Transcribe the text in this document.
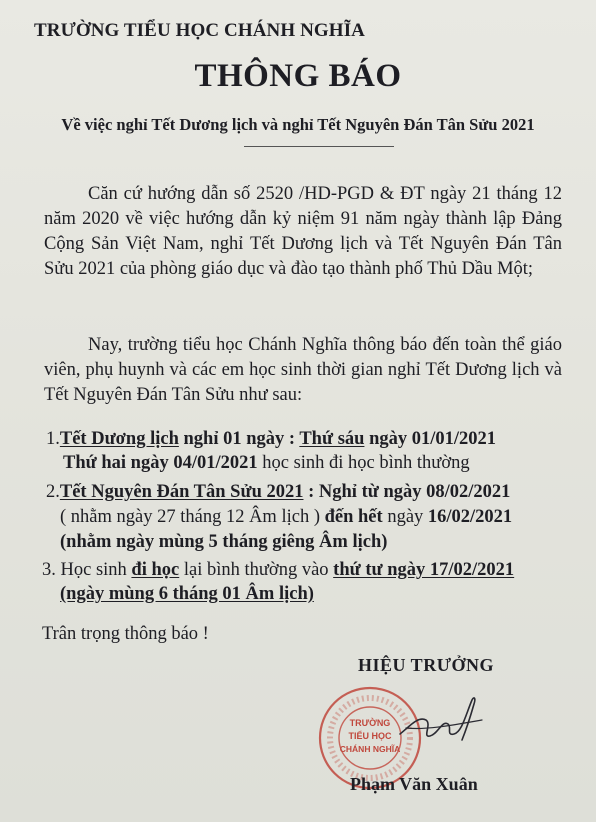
TRƯỜNG TIỂU HỌC CHÁNH NGHĨA
THÔNG BÁO
Về việc nghỉ Tết Dương lịch và nghỉ Tết Nguyên Đán Tân Sửu 2021
Căn cứ hướng dẫn số 2520 /HD-PGD & ĐT ngày 21 tháng 12 năm 2020 về việc hướng dẫn kỷ niệm 91 năm ngày thành lập Đảng Cộng Sản Việt Nam, nghỉ Tết Dương lịch và Tết Nguyên Đán Tân Sửu 2021 của phòng giáo dục và đào tạo thành phố Thủ Dầu Một;
Nay, trường tiểu học Chánh Nghĩa thông báo đến toàn thể giáo viên, phụ huynh và các em học sinh thời gian nghỉ Tết Dương lịch và Tết Nguyên Đán Tân Sửu như sau:
1.Tết Dương lịch nghỉ 01 ngày : Thứ sáu ngày 01/01/2021
Thứ hai ngày 04/01/2021 học sinh đi học bình thường
2.Tết Nguyên Đán Tân Sửu 2021 : Nghỉ từ ngày 08/02/2021
( nhằm ngày 27 tháng 12 Âm lịch ) đến hết ngày 16/02/2021
(nhằm ngày mùng 5 tháng giêng Âm lịch)
3. Học sinh đi học lại bình thường vào thứ tư ngày 17/02/2021
(ngày mùng 6 tháng 01 Âm lịch)
Trân trọng thông báo !
HIỆU TRƯỞNG
TRƯỜNG
TIỂU HỌC
CHÁNH NGHĨA
Phạm Văn Xuân
